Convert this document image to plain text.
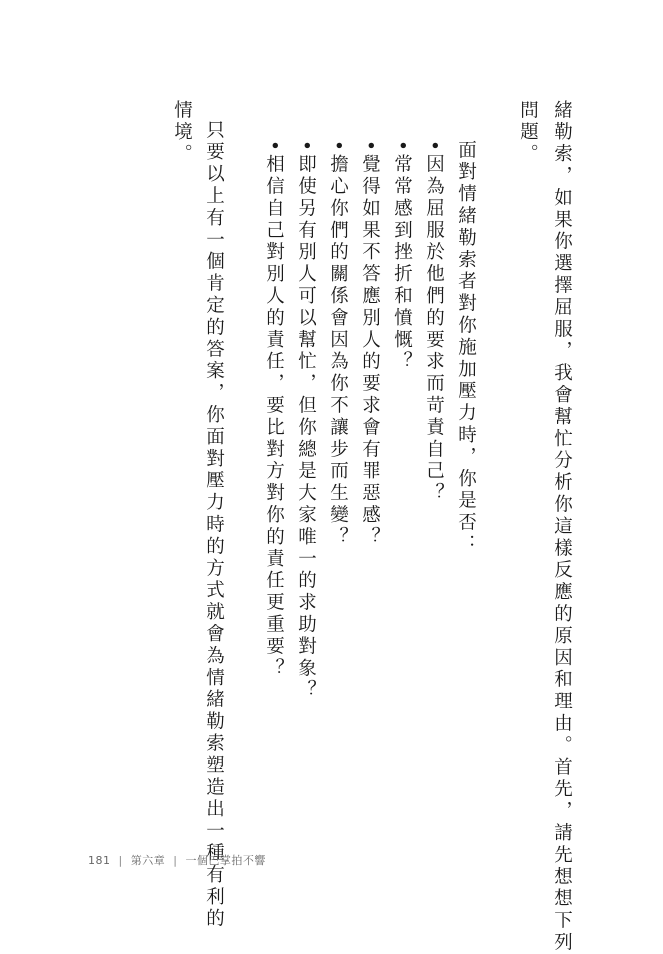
緒勒索，如果你選擇屈服，我會幫忙分析你這樣反應的原因和理由。首先，請先想想下列
問題。
面對情緒勒索者對你施加壓力時，你是否：
•因為屈服於他們的要求而苛責自己？
•常常感到挫折和憤慨？
•覺得如果不答應別人的要求會有罪惡感？
•擔心你們的關係會因為你不讓步而生變？
•即使另有別人可以幫忙，但你總是大家唯一的求助對象？
•相信自己對別人的責任，要比對方對你的責任更重要？
只要以上有一個肯定的答案，你面對壓力時的方式就會為情緒勒索塑造出一種有利的
情境。
181 | 第六章 | 一個巴掌拍不響
